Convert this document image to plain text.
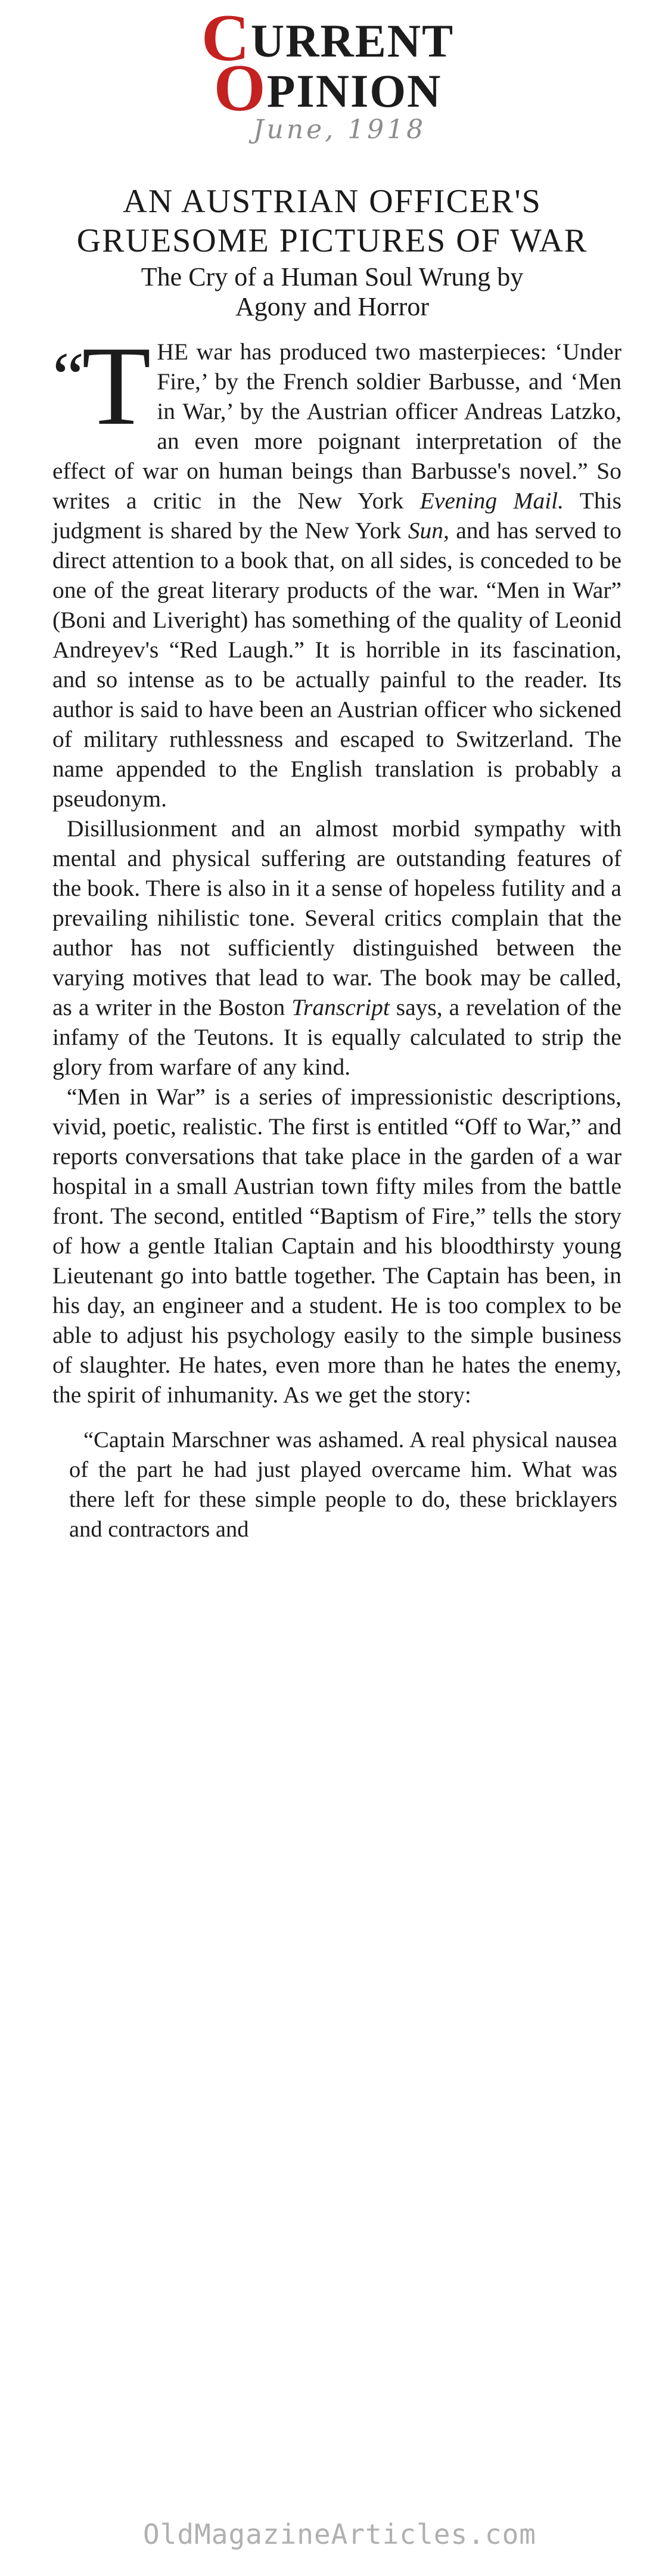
CURRENT
OPINION
June, 1918
AN AUSTRIAN OFFICER'S
GRUESOME PICTURES OF WAR
The Cry of a Human Soul Wrung by
Agony and Horror

“T HE war has produced two masterpieces: ‘Under Fire,’ by the French soldier Barbusse, and ‘Men in War,’ by the Austrian officer Andreas Latzko, an even more poignant interpretation of the effect of war on human beings than Barbusse's novel.” So writes a critic in the New York Evening Mail. This judgment is shared by the New York Sun, and has served to direct attention to a book that, on all sides, is conceded to be one of the great literary products of the war. “Men in War” (Boni and Liveright) has something of the quality of Leonid Andreyev's “Red Laugh.” It is horrible in its fascination, and so intense as to be actually painful to the reader. Its author is said to have been an Austrian officer who sickened of military ruthlessness and escaped to Switzerland. The name appended to the English translation is probably a pseudonym.

Disillusionment and an almost morbid sympathy with mental and physical suffering are outstanding features of the book. There is also in it a sense of hopeless futility and a prevailing nihilistic tone. Several critics complain that the author has not sufficiently distinguished between the varying motives that lead to war. The book may be called, as a writer in the Boston Transcript says, a revelation of the infamy of the Teutons. It is equally calculated to strip the glory from warfare of any kind.

“Men in War” is a series of impressionistic descriptions, vivid, poetic, realistic. The first is entitled “Off to War,” and reports conversations that take place in the garden of a war hospital in a small Austrian town fifty miles from the battle front. The second, entitled “Baptism of Fire,” tells the story of how a gentle Italian Captain and his bloodthirsty young Lieutenant go into battle together. The Captain has been, in his day, an engineer and a student. He is too complex to be able to adjust his psychology easily to the simple business of slaughter. He hates, even more than he hates the enemy, the spirit of inhumanity. As we get the story:

“Captain Marschner was ashamed. A real physical nausea of the part he had just played overcame him. What was there left for these simple people to do, these bricklayers and contractors and

OldMagazineArticles.com
